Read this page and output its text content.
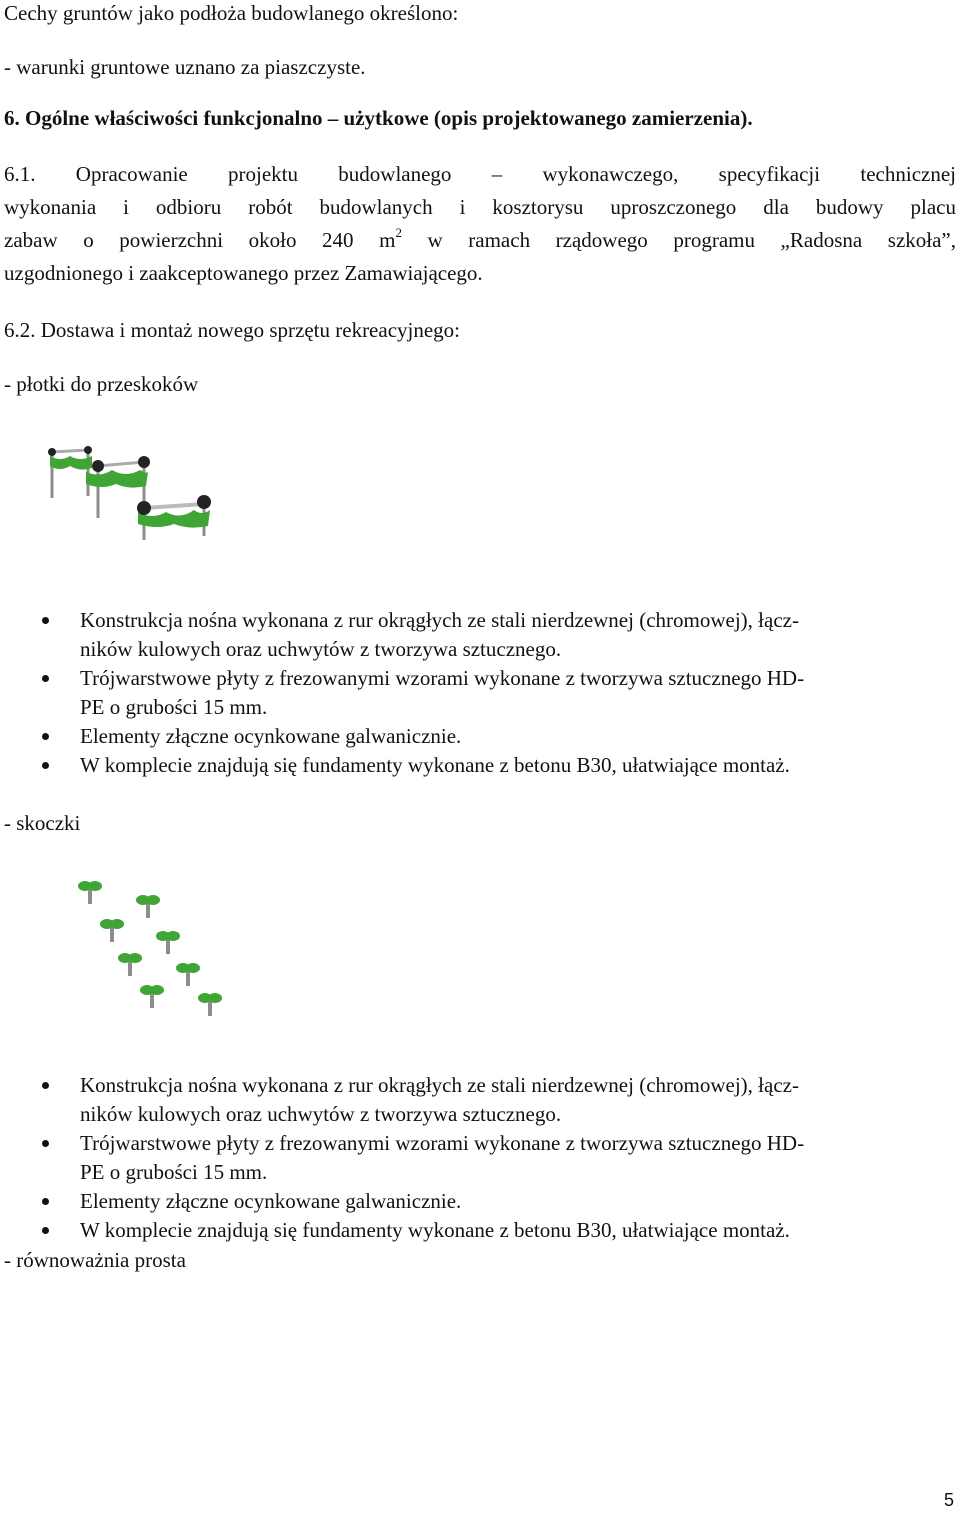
Cechy gruntów jako podłoża budowlanego określono:
- warunki gruntowe uznano za piaszczyste.
6. Ogólne właściwości funkcjonalno – użytkowe (opis projektowanego zamierzenia).

6.1. Opracowanie projektu budowlanego – wykonawczego, specyfikacji technicznej

wykonania i odbioru robót budowlanych i kosztorysu uproszczonego dla budowy placu

zabaw o powierzchni około 240 $m^2$ w ramach rządowego programu „Radosna szkoła”,

uzgodnionego i zaakceptowanego przez Zamawiającego.

6.2. Dostawa i montaż nowego sprzętu rekreacyjnego:
- płotki do przeskoków
Konstrukcja nośna wykonana z rur okrągłych ze stali nierdzewnej (chromowej), łącz-
ników kulowych oraz uchwytów z tworzywa sztucznego.
Trójwarstwowe płyty z frezowanymi wzorami wykonane z tworzywa sztucznego HD-
PE o grubości 15 mm.
Elementy złączne ocynkowane galwanicznie.
W komplecie znajdują się fundamenty wykonane z betonu B30, ułatwiające montaż.
- skoczki
Konstrukcja nośna wykonana z rur okrągłych ze stali nierdzewnej (chromowej), łącz-
ników kulowych oraz uchwytów z tworzywa sztucznego.
Trójwarstwowe płyty z frezowanymi wzorami wykonane z tworzywa sztucznego HD-
PE o grubości 15 mm.
Elementy złączne ocynkowane galwanicznie.
W komplecie znajdują się fundamenty wykonane z betonu B30, ułatwiające montaż.
- równoważnia prosta
5
